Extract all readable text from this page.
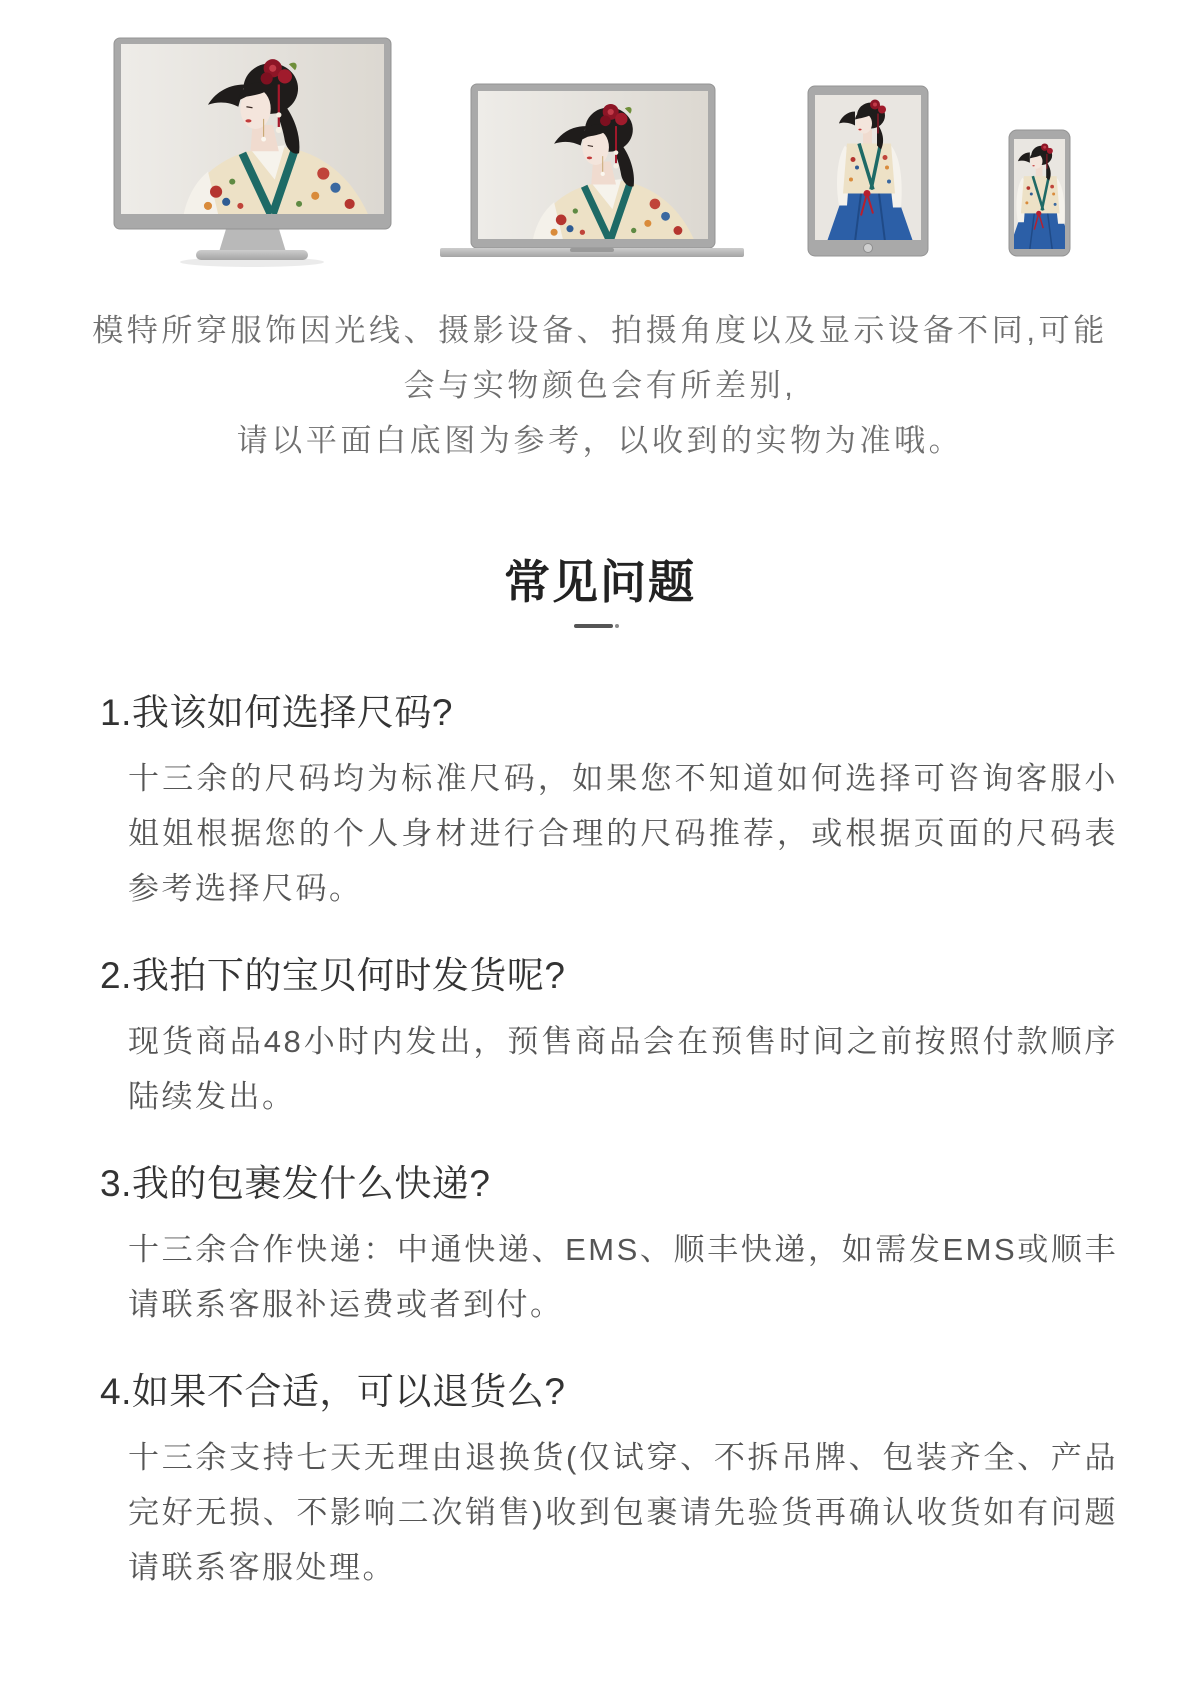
模特所穿服饰因光线、摄影设备、拍摄角度以及显示设备不同,可能
会与实物颜色会有所差别,
请以平面白底图为参考，以收到的实物为准哦。
常见问题
1.我该如何选择尺码?
十三余的尺码均为标准尺码，如果您不知道如何选择可咨询客服小
姐姐根据您的个人身材进行合理的尺码推荐，或根据页面的尺码表
参考选择尺码。
2.我拍下的宝贝何时发货呢?
现货商品48小时内发出，预售商品会在预售时间之前按照付款顺序
陆续发出。
3.我的包裹发什么快递?
十三余合作快递：中通快递、EMS、顺丰快递，如需发EMS或顺丰
请联系客服补运费或者到付。
4.如果不合适，可以退货么?
十三余支持七天无理由退换货(仅试穿、不拆吊牌、包装齐全、产品
完好无损、不影响二次销售)收到包裹请先验货再确认收货如有问题
请联系客服处理。
